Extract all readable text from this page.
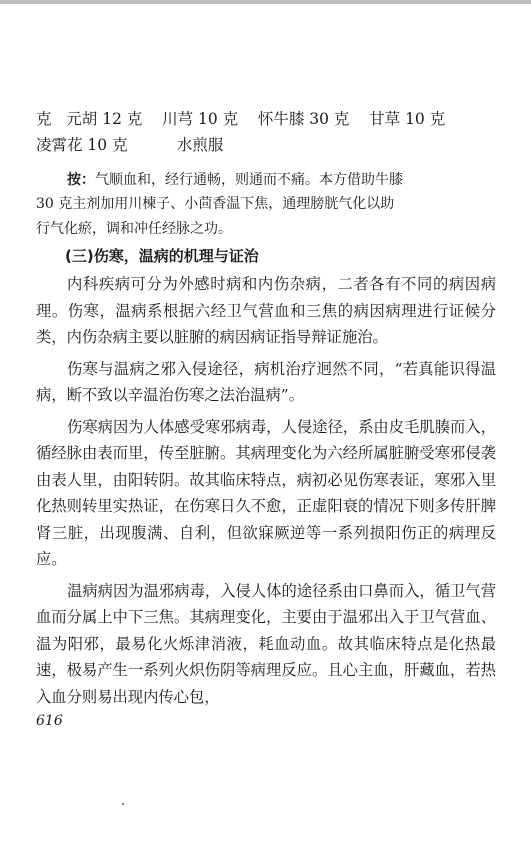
克   元胡 12 克    川芎 10 克    怀牛膝 30 克    甘草 10 克

凌霄花 10 克          水煎服

按：气顺血和，经行通畅，则通而不痛。本方借助牛膝

30 克主剂加用川楝子、小茴香温下焦，通理膀胱气化以助

行气化瘀，调和冲任经脉之功。

(三)伤寒，温病的机理与证治

内科疾病可分为外感时病和内伤杂病，二者各有不同的病因病理。伤寒，温病系根据六经卫气营血和三焦的病因病理进行证候分类，内伤杂病主要以脏腑的病因病证指导辩证施治。

伤寒与温病之邪入侵途径，病机治疗迥然不同，“若真能识得温病，断不致以辛温治伤寒之法治温病”。

伤寒病因为人体感受寒邪病毒，人侵途径，系由皮毛肌腠而入，循经脉由表而里，传至脏腑。其病理变化为六经所属脏腑受寒邪侵袭由表人里，由阳转阴。故其临床特点，病初必见伤寒表证，寒邪入里化热则转里实热证，在伤寒日久不愈，正虚阳衰的情况下则多传肝脾肾三脏，出现腹满、自利，但欲寐厥逆等一系列损阳伤正的病理反应。

温病病因为温邪病毒，入侵人体的途径系由口鼻而入，循卫气营血而分属上中下三焦。其病理变化，主要由于温邪出入于卫气营血、温为阳邪，最易化火烁津消液，耗血动血。故其临床特点是化热最速，极易产生一系列火炽伤阴等病理反应。且心主血，肝藏血，若热入血分则易出现内传心包，

616
